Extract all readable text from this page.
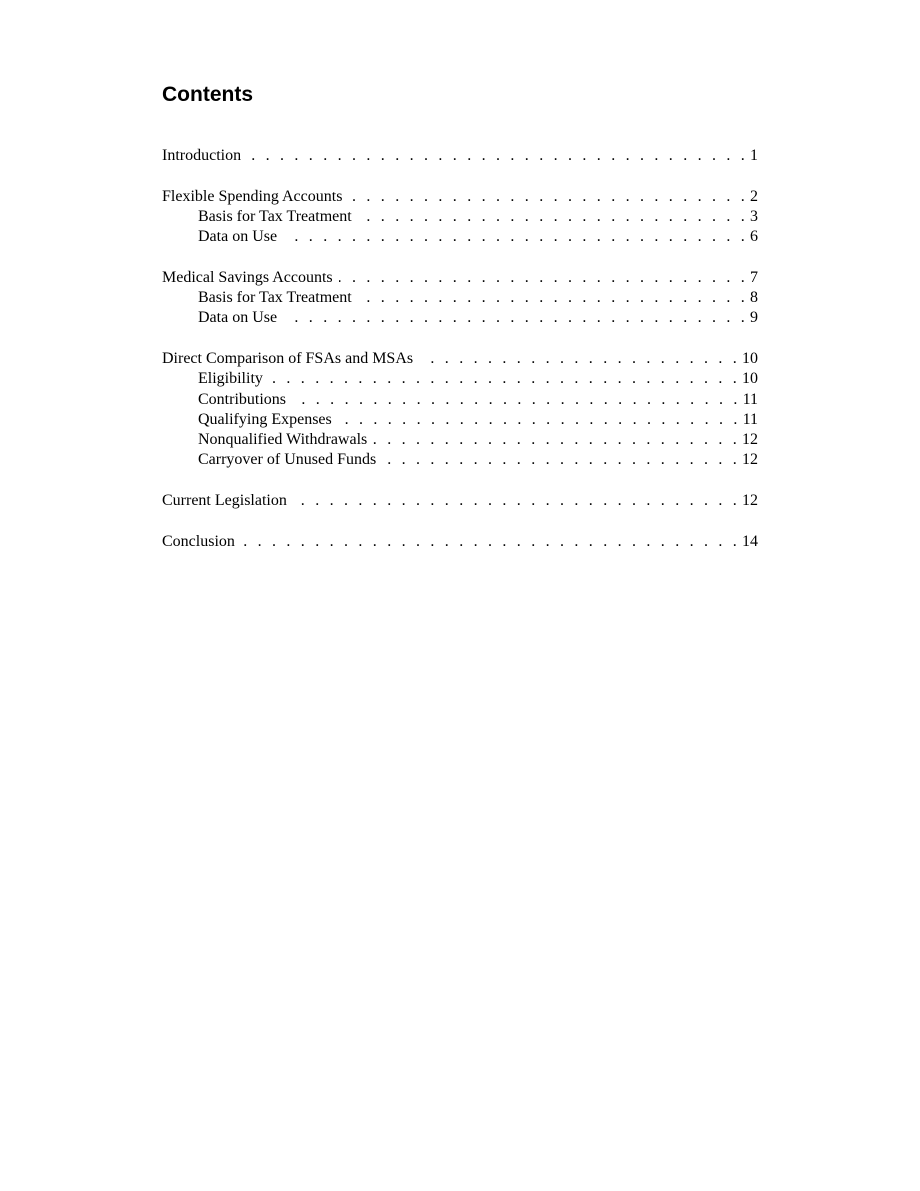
Contents
Introduction . . .	1
Flexible Spending Accounts . . .	2
Basis for Tax Treatment . . .	3
Data on Use . . .	6
Medical Savings Accounts . . .	7
Basis for Tax Treatment . . .	8
Data on Use . . .	9
Direct Comparison of FSAs and MSAs . . .	10
Eligibility . . .	10
Contributions . . .	11
Qualifying Expenses . . .	11
Nonqualified Withdrawals . . .	12
Carryover of Unused Funds . . .	12
Current Legislation . . .	12
Conclusion . . .	14
